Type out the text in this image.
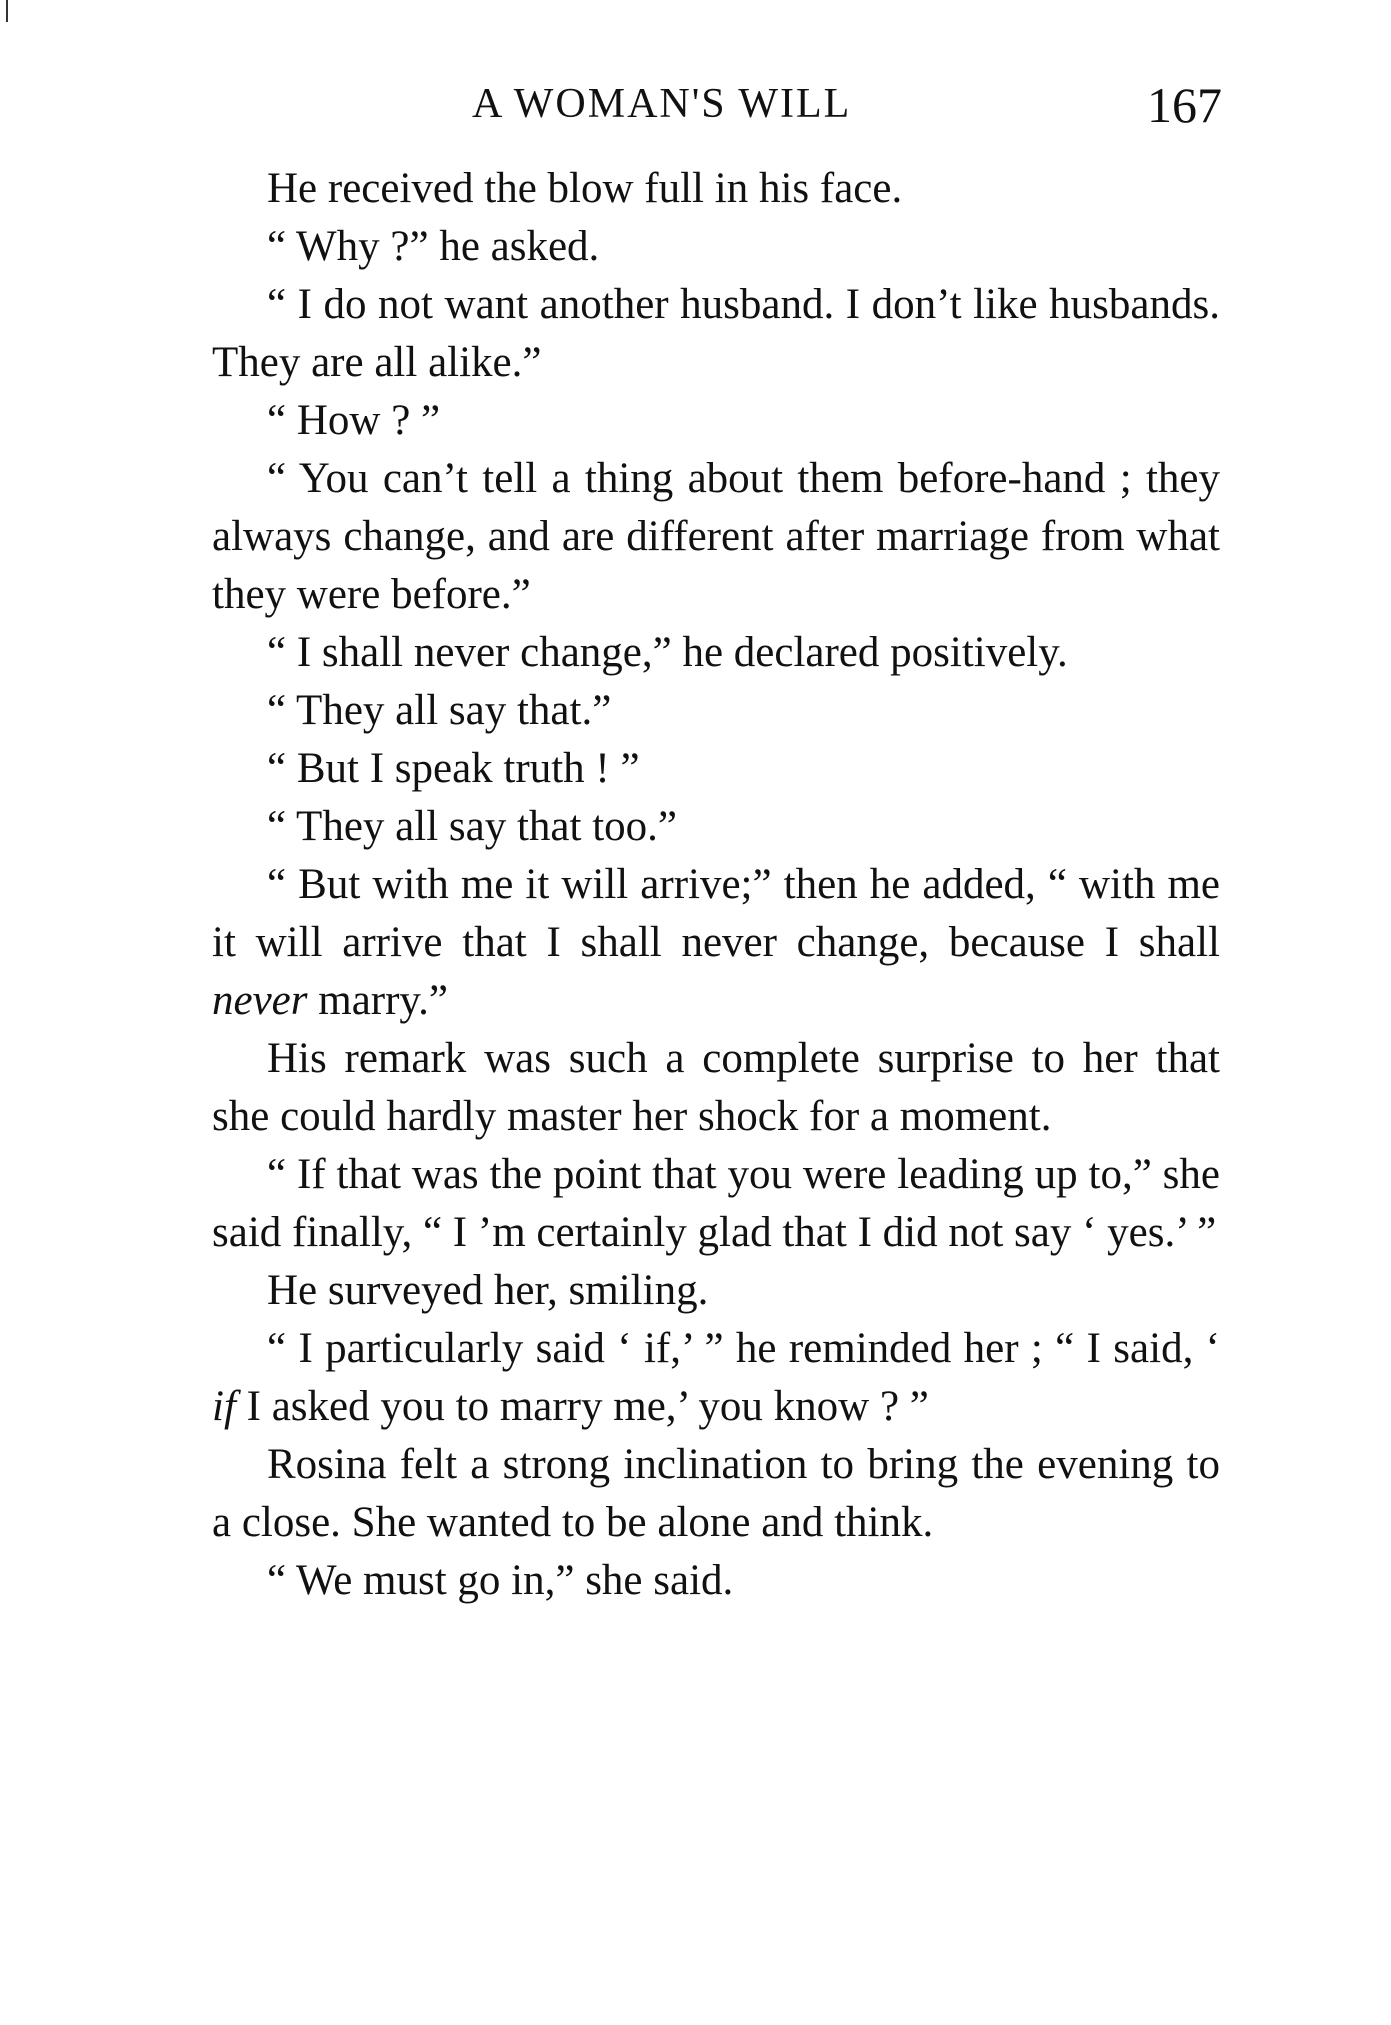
A WOMAN'S WILL	167

He received the blow full in his face.

“ Why ?” he asked.

“ I do not want another husband. I don’t like husbands. They are all alike.”

“ How ? ”

“ You can’t tell a thing about them before-hand ; they always change, and are different after marriage from what they were before.”

“ I shall never change,” he declared positively.

“ They all say that.”

“ But I speak truth ! ”

“ They all say that too.”

“ But with me it will arrive;” then he added, “ with me it will arrive that I shall never change, because I shall never marry.”

His remark was such a complete surprise to her that she could hardly master her shock for a moment.

“ If that was the point that you were leading up to,” she said finally, “ I ’m certainly glad that I did not say ‘ yes.’ ”

He surveyed her, smiling.

“ I particularly said ‘ if,’ ” he reminded her ; “ I said, ‘ if I asked you to marry me,’ you know ? ”

Rosina felt a strong inclination to bring the evening to a close. She wanted to be alone and think.

“ We must go in,” she said.
